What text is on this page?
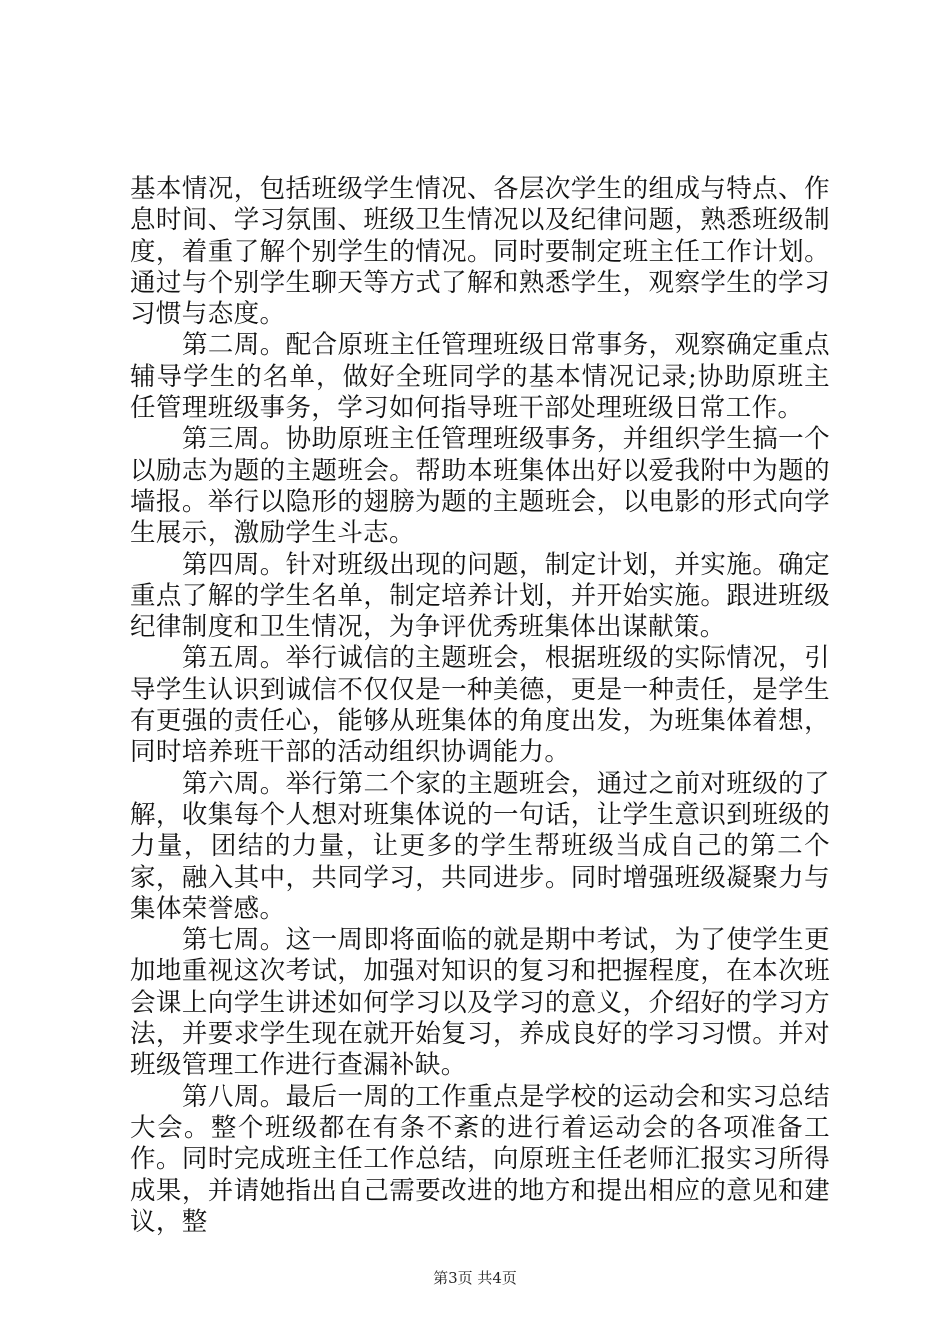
基本情况，包括班级学生情况、各层次学生的组成与特点、作息时间、学习氛围、班级卫生情况以及纪律问题，熟悉班级制度，着重了解个别学生的情况。同时要制定班主任工作计划。通过与个别学生聊天等方式了解和熟悉学生，观察学生的学习习惯与态度。

第二周。配合原班主任管理班级日常事务，观察确定重点辅导学生的名单，做好全班同学的基本情况记录;协助原班主任管理班级事务，学习如何指导班干部处理班级日常工作。

第三周。协助原班主任管理班级事务，并组织学生搞一个以励志为题的主题班会。帮助本班集体出好以爱我附中为题的墙报。举行以隐形的翅膀为题的主题班会，以电影的形式向学生展示，激励学生斗志。

第四周。针对班级出现的问题，制定计划，并实施。确定重点了解的学生名单，制定培养计划，并开始实施。跟进班级纪律制度和卫生情况，为争评优秀班集体出谋献策。

第五周。举行诚信的主题班会，根据班级的实际情况，引导学生认识到诚信不仅仅是一种美德，更是一种责任，是学生有更强的责任心，能够从班集体的角度出发，为班集体着想，同时培养班干部的活动组织协调能力。

第六周。举行第二个家的主题班会，通过之前对班级的了解，收集每个人想对班集体说的一句话，让学生意识到班级的力量，团结的力量，让更多的学生帮班级当成自己的第二个家，融入其中，共同学习，共同进步。同时增强班级凝聚力与集体荣誉感。

第七周。这一周即将面临的就是期中考试，为了使学生更加地重视这次考试，加强对知识的复习和把握程度，在本次班会课上向学生讲述如何学习以及学习的意义，介绍好的学习方法，并要求学生现在就开始复习，养成良好的学习习惯。并对班级管理工作进行查漏补缺。

第八周。最后一周的工作重点是学校的运动会和实习总结大会。整个班级都在有条不紊的进行着运动会的各项准备工作。同时完成班主任工作总结，向原班主任老师汇报实习所得成果，并请她指出自己需要改进的地方和提出相应的意见和建议，整

第3页 共4页
